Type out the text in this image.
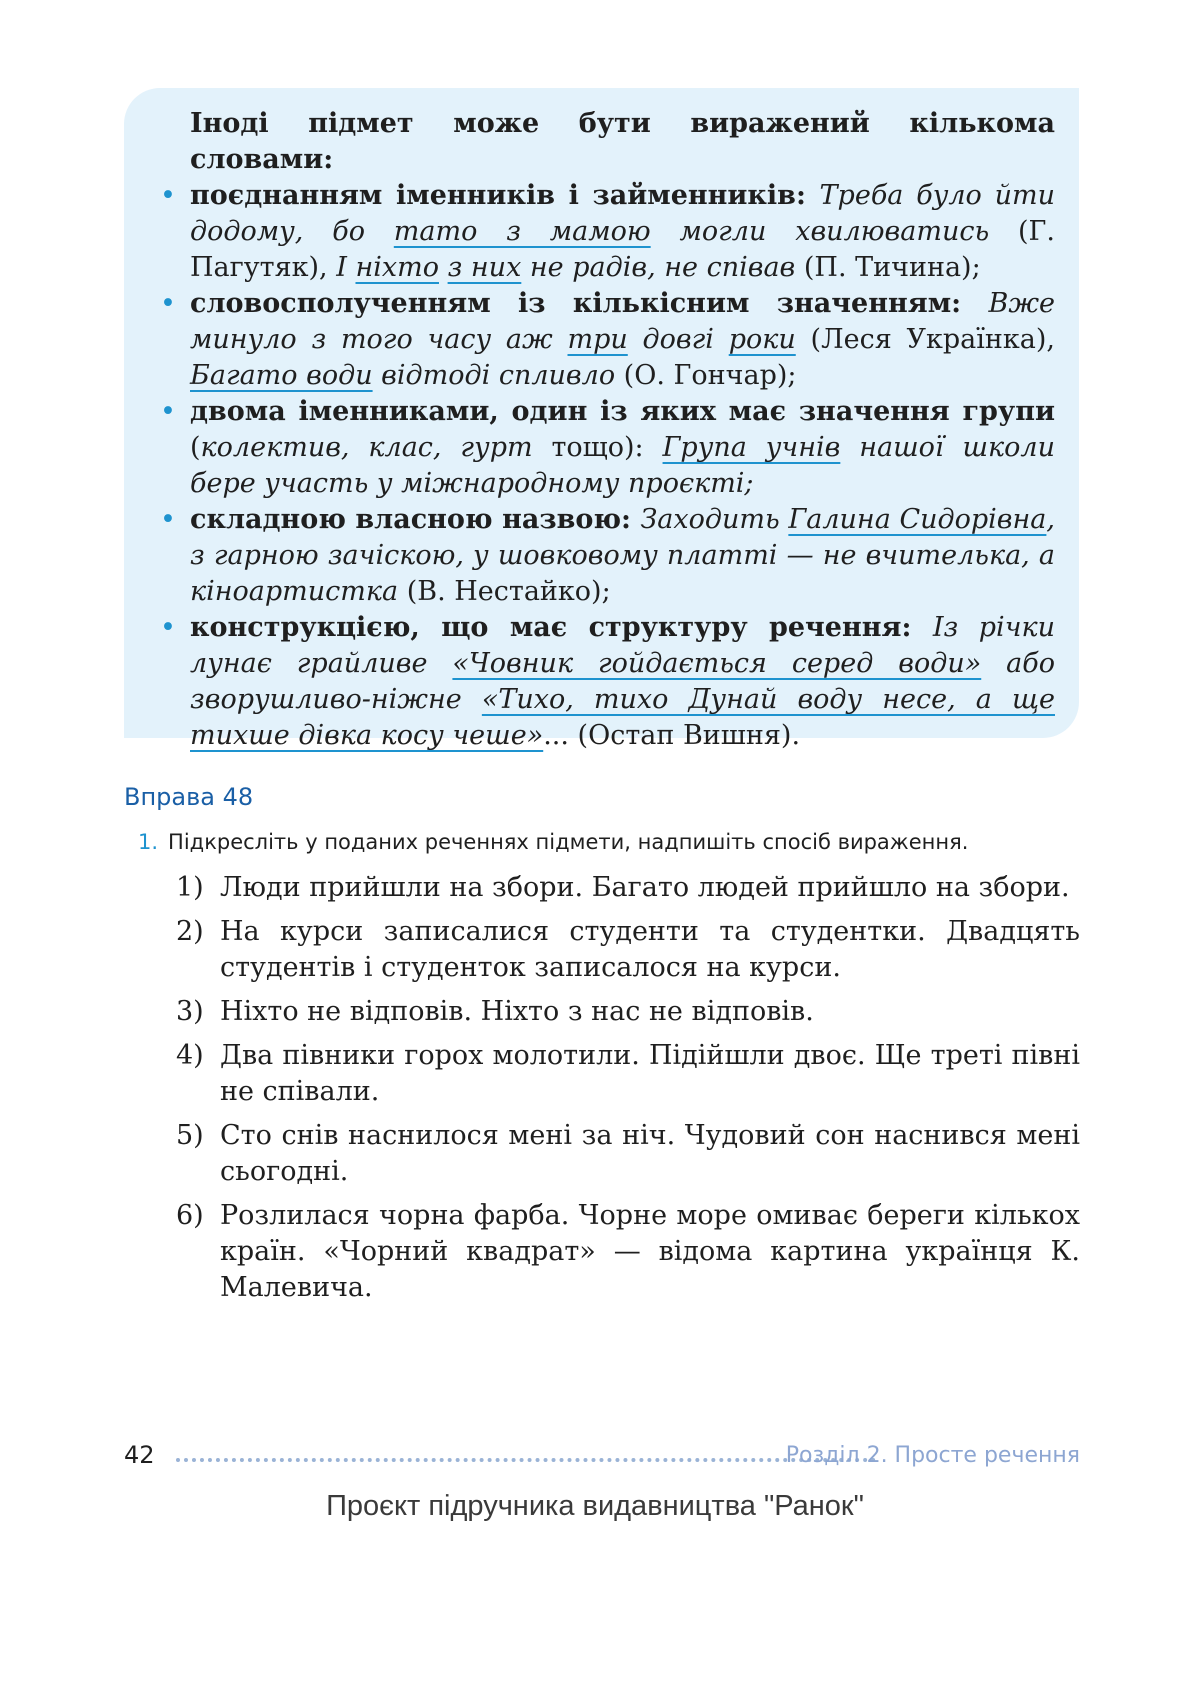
Іноді підмет може бути виражений кількома словами:

• поєднанням іменників і займенників: Треба було йти додому, бо тато з мамою могли хвилюватись (Г. Пагутяк), І ніхто з них не радів, не співав (П. Тичина);

• словосполученням із кількісним значенням: Вже минуло з того часу аж три довгі роки (Леся Українка), Багато води відтоді спливло (О. Гончар);

• двома іменниками, один із яких має значення групи (колектив, клас, гурт тощо): Група учнів нашої школи бере участь у міжнародному проєкті;

• складною власною назвою: Заходить Галина Сидорівна, з гарною зачіскою, у шовковому платті — не вчителька, а кіноартистка (В. Нестайко);

• конструкцією, що має структуру речення: Із річки лунає грайливе «Човник гойдається серед води» або зворушливо-ніжне «Тихо, тихо Дунай воду несе, а ще тихше дівка косу чеше»... (Остап Вишня).

Вправа 48
1. Підкресліть у поданих реченнях підмети, надпишіть спосіб вираження.
1) Люди прийшли на збори. Багато людей прийшло на збори.
2) На курси записалися студенти та студентки. Двадцять студентів і студенток записалося на курси.
3) Ніхто не відповів. Ніхто з нас не відповів.
4) Два півники горох молотили. Підійшли двоє. Ще треті півні не співали.
5) Сто снів наснилося мені за ніч. Чудовий сон наснився мені сьогодні.
6) Розлилася чорна фарба. Чорне море омиває береги кількох країн. «Чорний квадрат» — відома картина українця К. Малевича.
42	Розділ 2. Просте речення
Проєкт підручника видавництва "Ранок"
